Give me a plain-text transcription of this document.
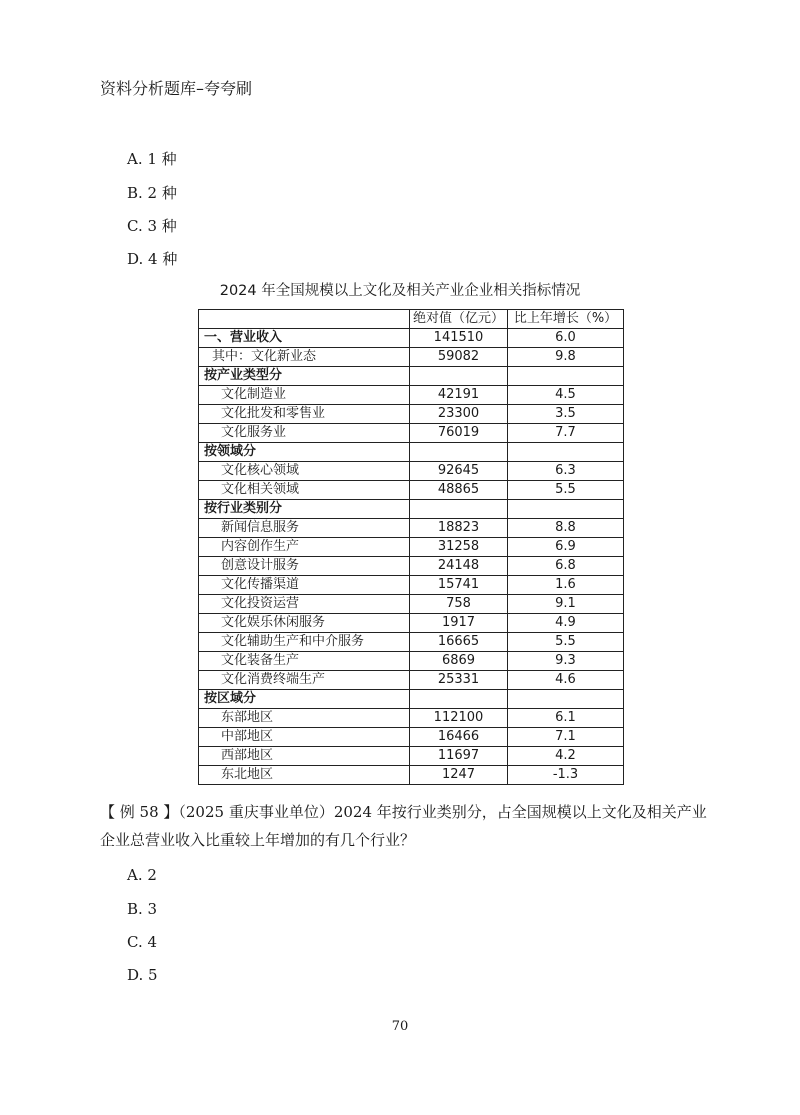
资料分析题库–夸夸刷
A. 1 种
B. 2 种
C. 3 种
D. 4 种
2024 年全国规模以上文化及相关产业企业相关指标情况
	绝对值（亿元）	比上年增长（%）
一、营业收入	141510	6.0
其中：文化新业态	59082	9.8
按产业类型分		
文化制造业	42191	4.5
文化批发和零售业	23300	3.5
文化服务业	76019	7.7
按领域分		
文化核心领域	92645	6.3
文化相关领域	48865	5.5
按行业类别分		
新闻信息服务	18823	8.8
内容创作生产	31258	6.9
创意设计服务	24148	6.8
文化传播渠道	15741	1.6
文化投资运营	758	9.1
文化娱乐休闲服务	1917	4.9
文化辅助生产和中介服务	16665	5.5
文化装备生产	6869	9.3
文化消费终端生产	25331	4.6
按区域分		
东部地区	112100	6.1
中部地区	16466	7.1
西部地区	11697	4.2
东北地区	1247	-1.3
【 例 58 】（2025 重庆事业单位）2024 年按行业类别分，占全国规模以上文化及相关产业
企业总营业收入比重较上年增加的有几个行业？
A. 2
B. 3
C. 4
D. 5
70
